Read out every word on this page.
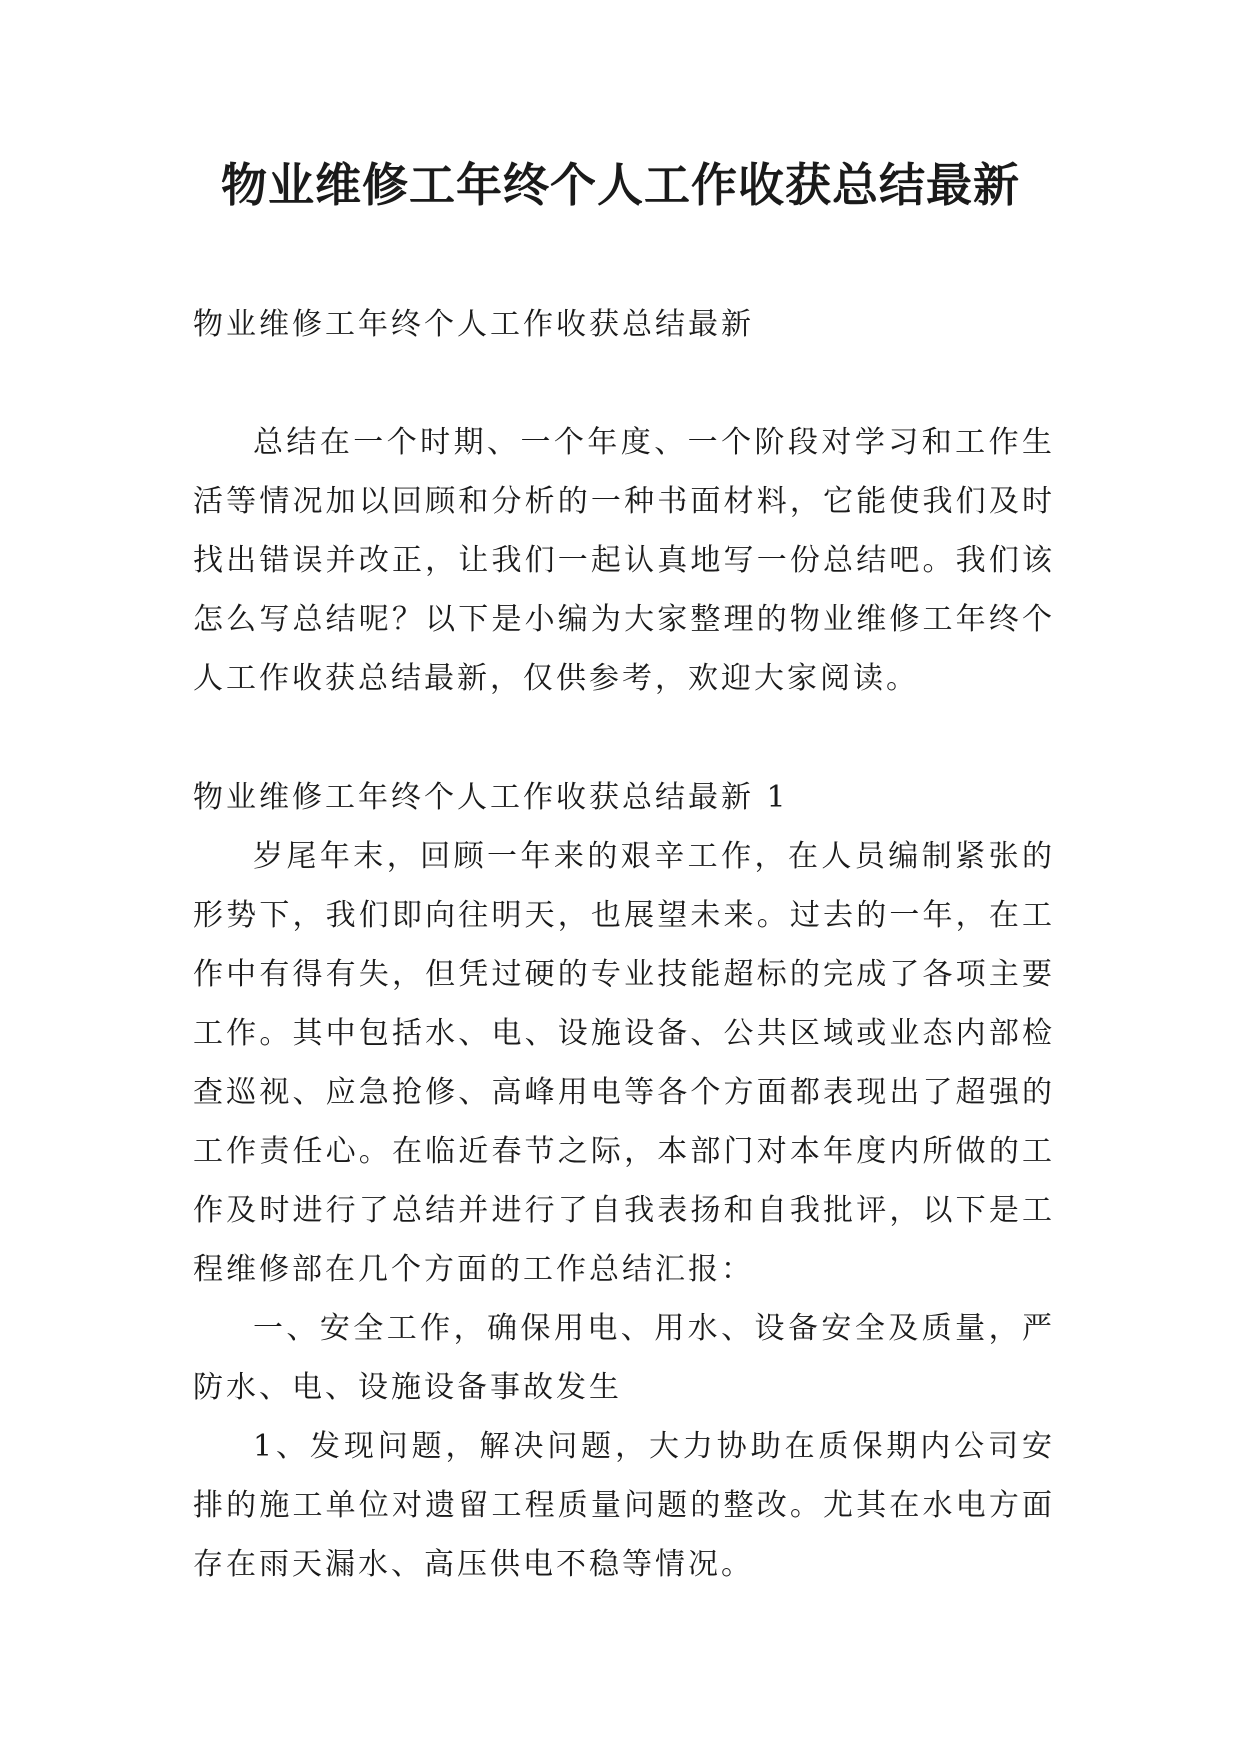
物业维修工年终个人工作收获总结最新

物业维修工年终个人工作收获总结最新

总结在一个时期、一个年度、一个阶段对学习和工作生活等情况加以回顾和分析的一种书面材料，它能使我们及时找出错误并改正，让我们一起认真地写一份总结吧。我们该怎么写总结呢？以下是小编为大家整理的物业维修工年终个人工作收获总结最新，仅供参考，欢迎大家阅读。

物业维修工年终个人工作收获总结最新 1

岁尾年末，回顾一年来的艰辛工作，在人员编制紧张的形势下，我们即向往明天，也展望未来。过去的一年，在工作中有得有失，但凭过硬的专业技能超标的完成了各项主要工作。其中包括水、电、设施设备、公共区域或业态内部检查巡视、应急抢修、高峰用电等各个方面都表现出了超强的工作责任心。在临近春节之际，本部门对本年度内所做的工作及时进行了总结并进行了自我表扬和自我批评，以下是工程维修部在几个方面的工作总结汇报：

一、安全工作，确保用电、用水、设备安全及质量，严防水、电、设施设备事故发生

1、发现问题，解决问题，大力协助在质保期内公司安排的施工单位对遗留工程质量问题的整改。尤其在水电方面存在雨天漏水、高压供电不稳等情况。
